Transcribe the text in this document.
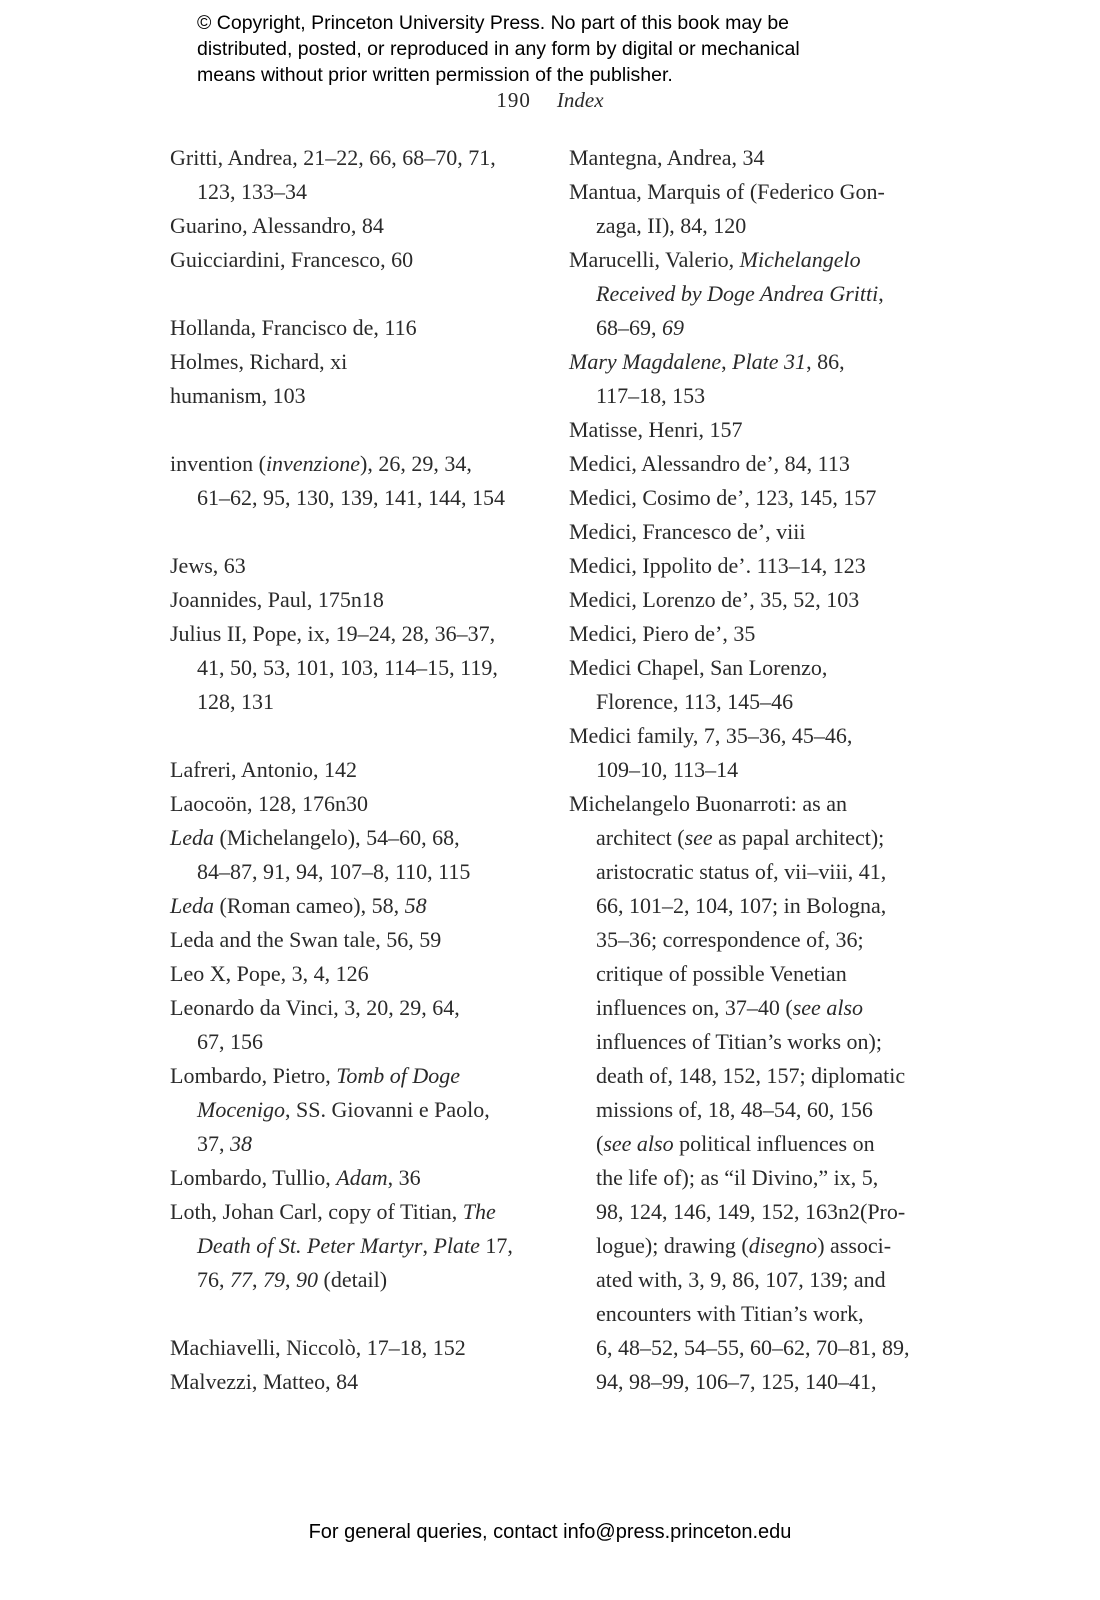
© Copyright, Princeton University Press. No part of this book may be
distributed, posted, or reproduced in any form by digital or mechanical
means without prior written permission of the publisher.
190 Index
Gritti, Andrea, 21–22, 66, 68–70, 71,
123, 133–34
Guarino, Alessandro, 84
Guicciardini, Francesco, 60
Hollanda, Francisco de, 116
Holmes, Richard, xi
humanism, 103
invention (invenzione), 26, 29, 34,
61–62, 95, 130, 139, 141, 144, 154
Jews, 63
Joannides, Paul, 175n18
Julius II, Pope, ix, 19–24, 28, 36–37,
41, 50, 53, 101, 103, 114–15, 119,
128, 131
Lafreri, Antonio, 142
Laocoön, 128, 176n30
Leda (Michelangelo), 54–60, 68,
84–87, 91, 94, 107–8, 110, 115
Leda (Roman cameo), 58, 58
Leda and the Swan tale, 56, 59
Leo X, Pope, 3, 4, 126
Leonardo da Vinci, 3, 20, 29, 64,
67, 156
Lombardo, Pietro, Tomb of Doge
Mocenigo, SS. Giovanni e Paolo,
37, 38
Lombardo, Tullio, Adam, 36
Loth, Johan Carl, copy of Titian, The
Death of St. Peter Martyr, Plate 17,
76, 77, 79, 90 (detail)
Machiavelli, Niccolò, 17–18, 152
Malvezzi, Matteo, 84
Mantegna, Andrea, 34
Mantua, Marquis of (Federico Gon-
zaga, II), 84, 120
Marucelli, Valerio, Michelangelo
Received by Doge Andrea Gritti,
68–69, 69
Mary Magdalene, Plate 31, 86,
117–18, 153
Matisse, Henri, 157
Medici, Alessandro de’, 84, 113
Medici, Cosimo de’, 123, 145, 157
Medici, Francesco de’, viii
Medici, Ippolito de’. 113–14, 123
Medici, Lorenzo de’, 35, 52, 103
Medici, Piero de’, 35
Medici Chapel, San Lorenzo,
Florence, 113, 145–46
Medici family, 7, 35–36, 45–46,
109–10, 113–14
Michelangelo Buonarroti: as an
architect (see as papal architect);
aristocratic status of, vii–viii, 41,
66, 101–2, 104, 107; in Bologna,
35–36; correspondence of, 36;
critique of possible Venetian
influences on, 37–40 (see also
influences of Titian’s works on);
death of, 148, 152, 157; diplomatic
missions of, 18, 48–54, 60, 156
(see also political influences on
the life of); as “il Divino,” ix, 5,
98, 124, 146, 149, 152, 163n2(Pro-
logue); drawing (disegno) associ-
ated with, 3, 9, 86, 107, 139; and
encounters with Titian’s work,
6, 48–52, 54–55, 60–62, 70–81, 89,
94, 98–99, 106–7, 125, 140–41,
For general queries, contact info@press.princeton.edu
